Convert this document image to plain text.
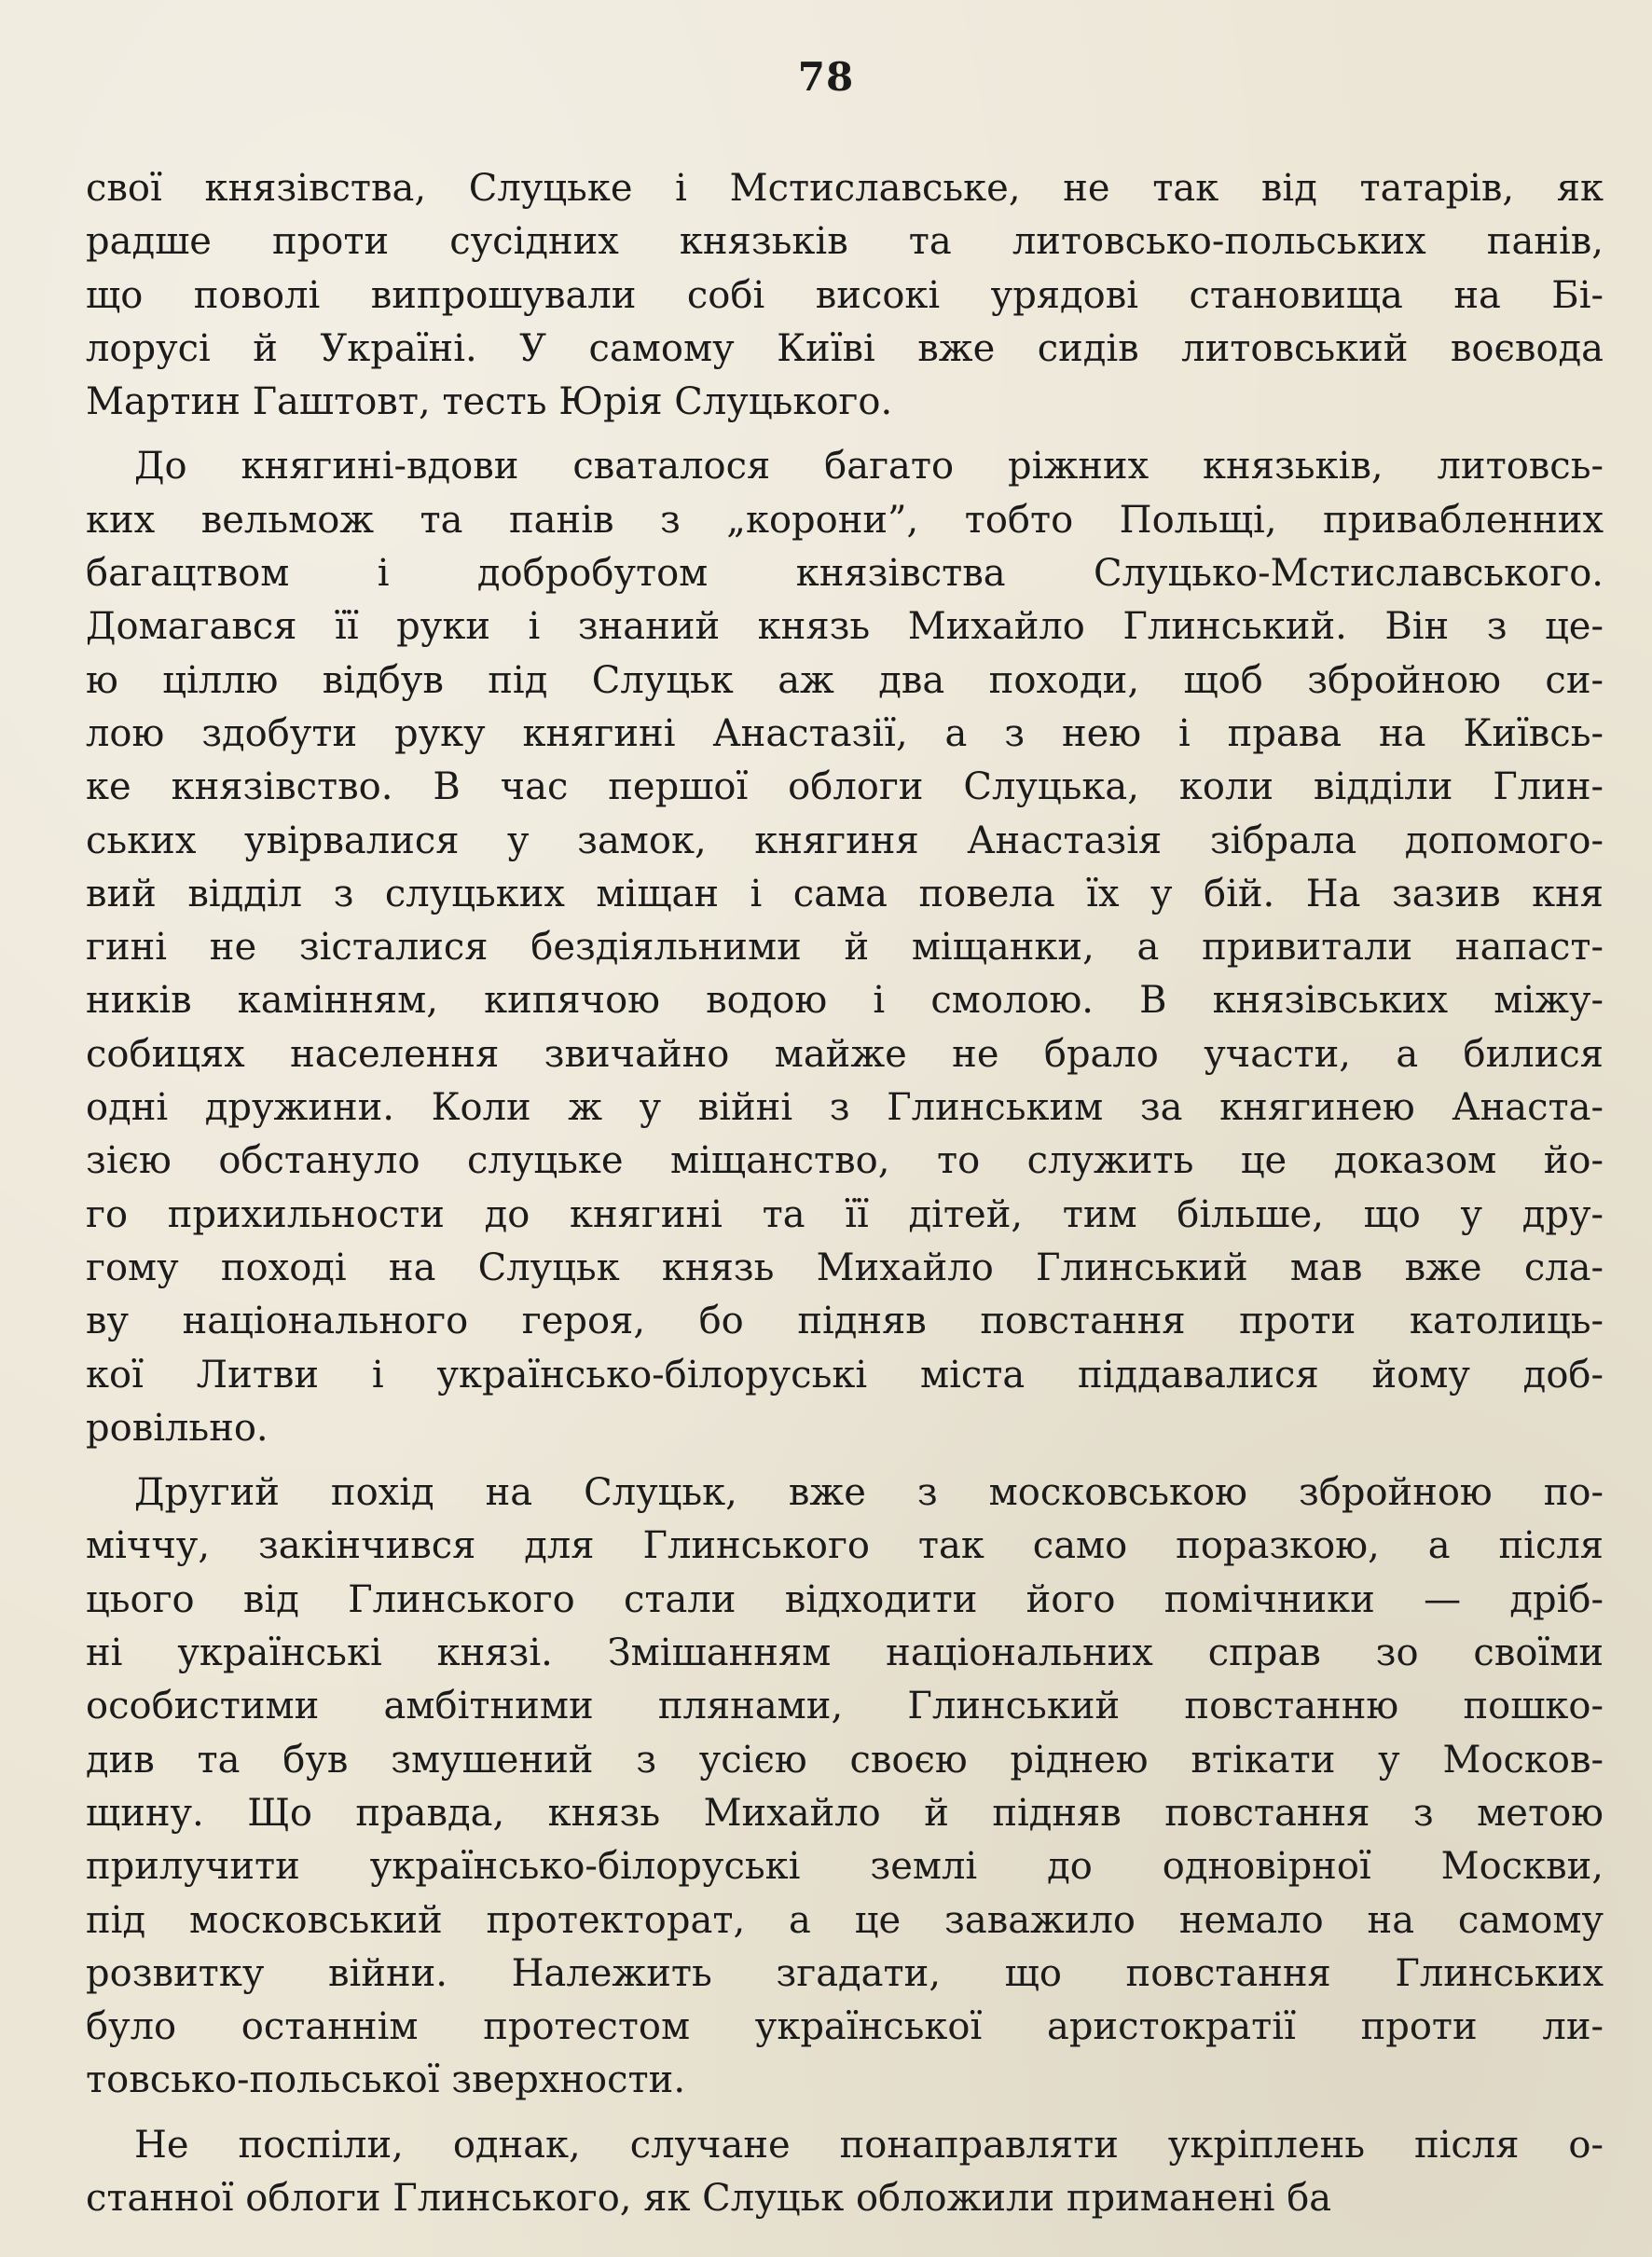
78
свої князівства, Слуцьке і Мстиславське, не так від татарів, як
радше проти сусідних князьків та литовсько-польських панів,
що поволі випрошували собі високі урядові становища на Бі-
лорусі й Україні. У самому Київі вже сидів литовський воєвода
Мартин Гаштовт, тесть Юрія Слуцького.
До княгині-вдови сваталося багато ріжних князьків, литовсь-
ких вельмож та панів з „корони”, тобто Польщі, привабленних
багацтвом і добробутом князівства Слуцько-Мстиславського.
Домагався її руки і знаний князь Михайло Глинський. Він з це-
ю ціллю відбув під Слуцьк аж два походи, щоб збройною си-
лою здобути руку княгині Анастазії, а з нею і права на Київсь-
ке князівство. В час першої облоги Слуцька, коли відділи Глин-
ських увірвалися у замок, княгиня Анастазія зібрала допомого-
вий відділ з слуцьких міщан і сама повела їх у бій. На зазив кня
гині не зісталися бездіяльними й міщанки, а привитали напаст-
ників камінням, кипячою водою і смолою. В князівських міжу-
собицях населення звичайно майже не брало участи, а билися
одні дружини. Коли ж у війні з Глинським за княгинею Анаста-
зією обстануло слуцьке міщанство, то служить це доказом йо-
го прихильности до княгині та її дітей, тим більше, що у дру-
гому поході на Слуцьк князь Михайло Глинський мав вже сла-
ву національного героя, бо підняв повстання проти католиць-
кої Литви і українсько-білоруські міста піддавалися йому доб-
ровільно.
Другий похід на Слуцьк, вже з московською збройною по-
міччу, закінчився для Глинського так само поразкою, а після
цього від Глинського стали відходити його помічники — дріб-
ні українські князі. Змішанням національних справ зо своїми
особистими амбітними плянами, Глинський повстанню пошко-
див та був змушений з усією своєю ріднею втікати у Москов-
щину. Що правда, князь Михайло й підняв повстання з метою
прилучити українсько-білоруські землі до одновірної Москви,
під московський протекторат, а це заважило немало на самому
розвитку війни. Належить згадати, що повстання Глинських
було останнім протестом української аристократії проти ли-
товсько-польської зверхности.
Не поспіли, однак, случане понаправляти укріплень після о-
станної облоги Глинського, як Слуцьк обложили приманені ба
